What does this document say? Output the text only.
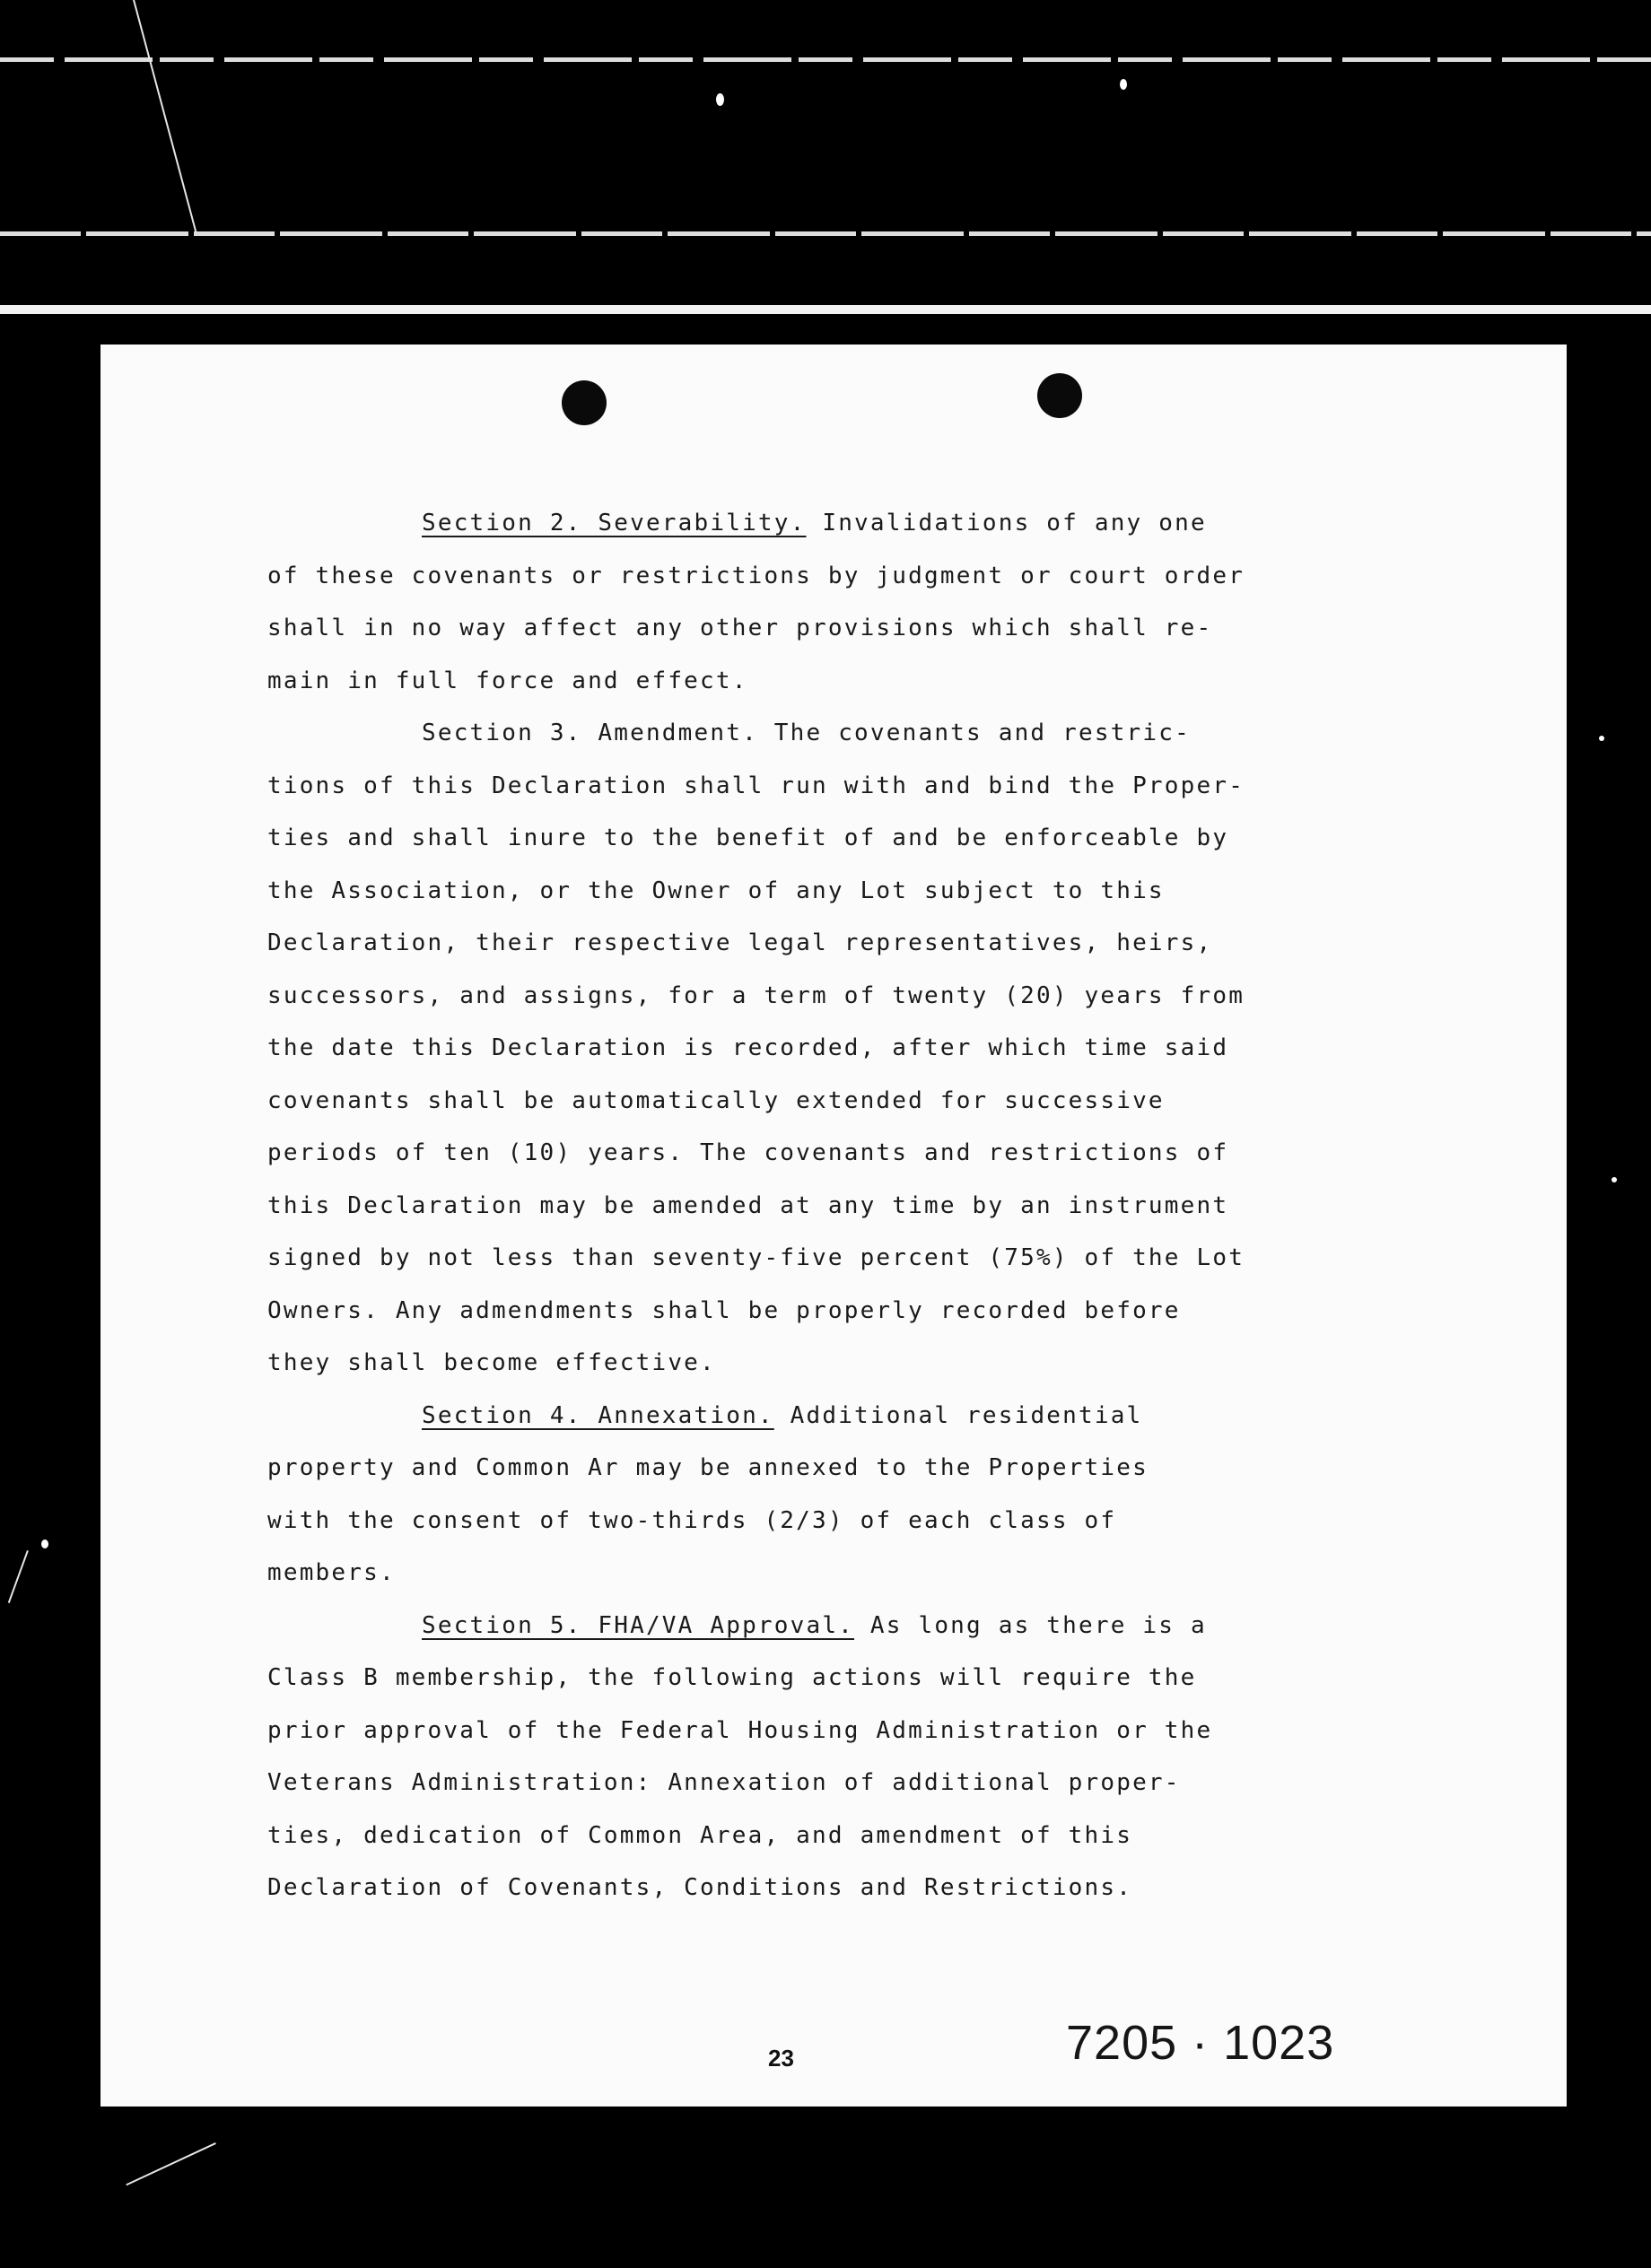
Section 2. Severability. Invalidations of any one
of these covenants or restrictions by judgment or court order
shall in no way affect any other provisions which shall re-
main in full force and effect.
Section 3. Amendment. The covenants and restric-
tions of this Declaration shall run with and bind the Proper-
ties and shall inure to the benefit of and be enforceable by
the Association, or the Owner of any Lot subject to this
Declaration, their respective legal representatives, heirs,
successors, and assigns, for a term of twenty (20) years from
the date this Declaration is recorded, after which time said
covenants shall be automatically extended for successive
periods of ten (10) years. The covenants and restrictions of
this Declaration may be amended at any time by an instrument
signed by not less than seventy-five percent (75%) of the Lot
Owners. Any admendments shall be properly recorded before
they shall become effective.
Section 4. Annexation. Additional residential
property and Common Ar may be annexed to the Properties
with the consent of two-thirds (2/3) of each class of
members.
Section 5. FHA/VA Approval. As long as there is a
Class B membership, the following actions will require the
prior approval of the Federal Housing Administration or the
Veterans Administration: Annexation of additional proper-
ties, dedication of Common Area, and amendment of this
Declaration of Covenants, Conditions and Restrictions.
23	7205 · 1023
